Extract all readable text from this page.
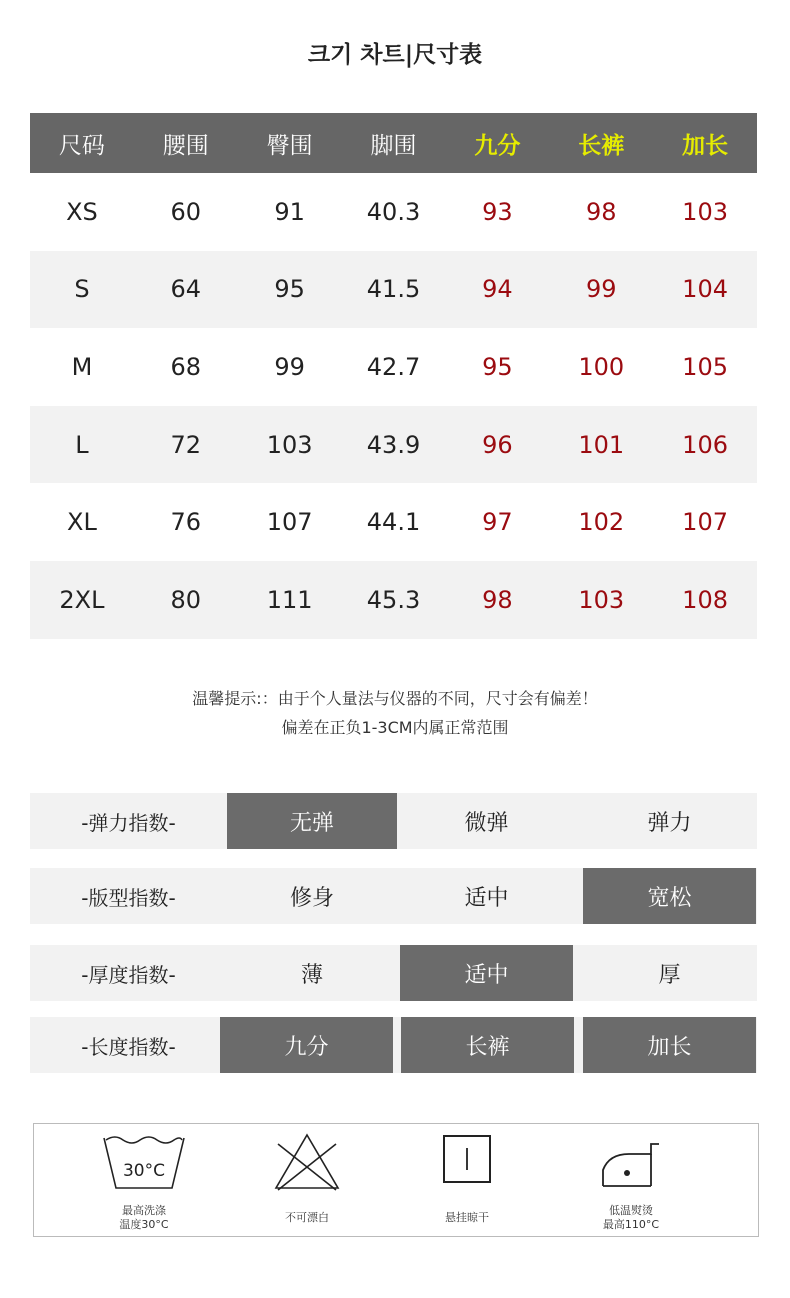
크기 차트|尺寸表
尺码	腰围	臀围	脚围	九分	长裤	加长
XS	60	91	40.3	93	98	103
S	64	95	41.5	94	99	104
M	68	99	42.7	95	100	105
L	72	103	43.9	96	101	106
XL	76	107	44.1	97	102	107
2XL	80	111	45.3	98	103	108
温馨提示:：由于个人量法与仪器的不同，尺寸会有偏差！
偏差在正负1-3CM内属正常范围
-弹力指数-	无弹	微弹	弹力
-版型指数-	修身	适中	宽松
-厚度指数-	薄	适中	厚
-长度指数-	九分	长裤	加长
30°C
最高洗涤
温度30°C
不可漂白	悬挂晾干
低温熨烫
最高110°C
